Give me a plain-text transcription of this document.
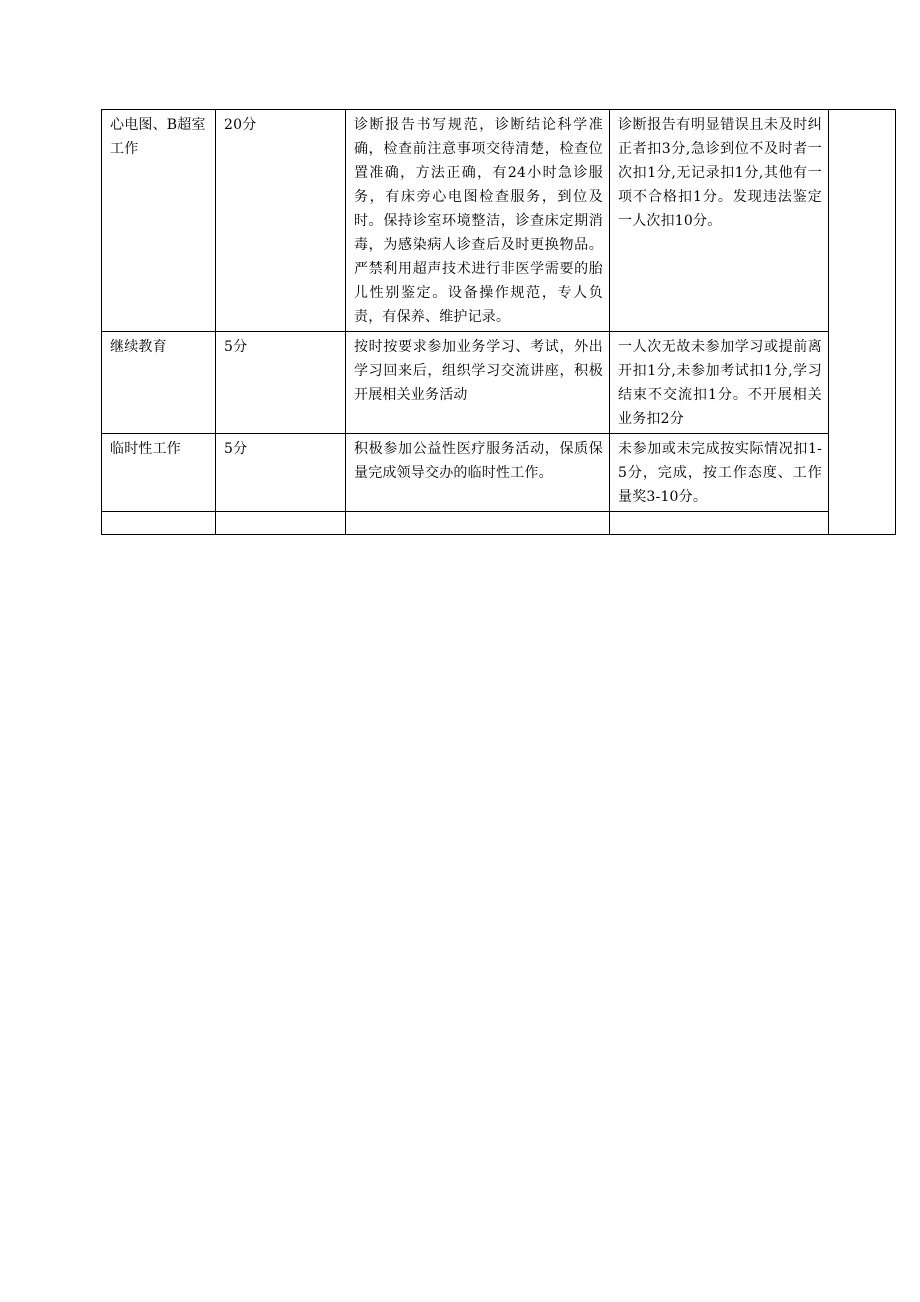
心电图、B超室工作	20分	诊断报告书写规范，诊断结论科学准确，检查前注意事项交待清楚，检查位置准确，方法正确，有24小时急诊服务，有床旁心电图检查服务，到位及时。保持诊室环境整洁，诊查床定期消毒，为感染病人诊查后及时更换物品。严禁利用超声技术进行非医学需要的胎儿性别鉴定。设备操作规范，专人负责，有保养、维护记录。	诊断报告有明显错误且未及时纠正者扣3分,急诊到位不及时者一次扣1分,无记录扣1分,其他有一项不合格扣1分。发现违法鉴定一人次扣10分。	
继续教育	5分	按时按要求参加业务学习、考试，外出学习回来后，组织学习交流讲座，积极开展相关业务活动	一人次无故未参加学习或提前离开扣1分,未参加考试扣1分,学习结束不交流扣1分。不开展相关业务扣2分	
临时性工作	5分	积极参加公益性医疗服务活动，保质保量完成领导交办的临时性工作。	未参加或未完成按实际情况扣1-5分，完成，按工作态度、工作量奖3-10分。	
